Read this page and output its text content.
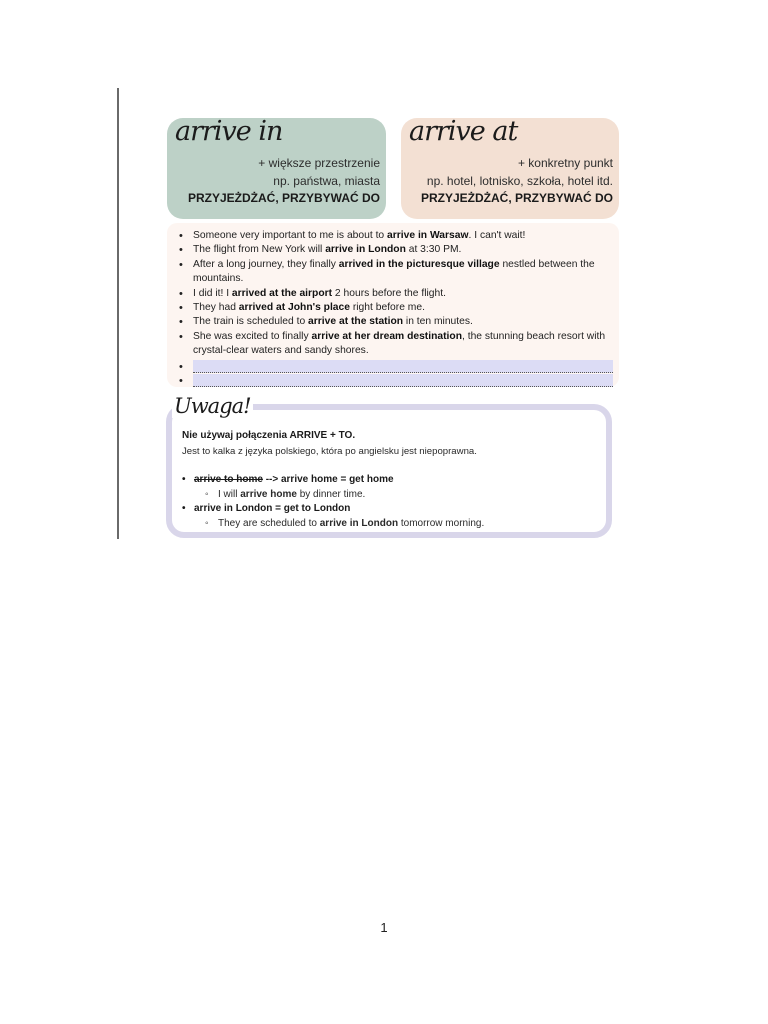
arrive in
+ większe przestrzenie
np. państwa, miasta
PRZYJEŻDŻAĆ, PRZYBYWAĆ DO
arrive at
+ konkretny punkt
np. hotel, lotnisko, szkoła, hotel itd.
PRZYJEŻDŻAĆ, PRZYBYWAĆ DO
• Someone very important to me is about to arrive in Warsaw. I can't wait!
• The flight from New York will arrive in London at 3:30 PM.
• After a long journey, they finally arrived in the picturesque village nestled between the mountains.
• I did it! I arrived at the airport 2 hours before the flight.
• They had arrived at John's place right before me.
• The train is scheduled to arrive at the station in ten minutes.
• She was excited to finally arrive at her dream destination, the stunning beach resort with crystal-clear waters and sandy shores.
•
•
Nie używaj połączenia ARRIVE + TO.
Jest to kalka z języka polskiego, która po angielsku jest niepoprawna.
• arrive to home --> arrive home = get home
◦ I will arrive home by dinner time.
• arrive in London = get to London
◦ They are scheduled to arrive in London tomorrow morning.
Uwaga!
1
